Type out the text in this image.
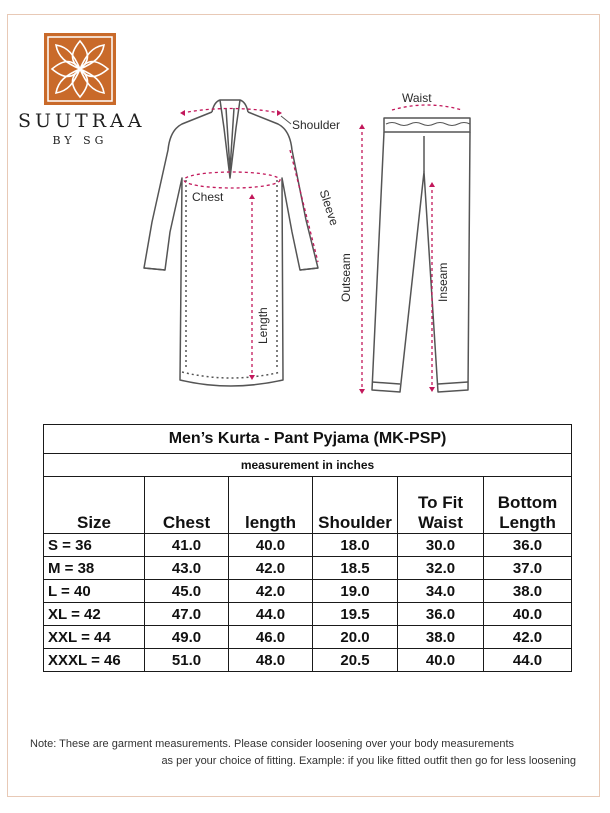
SUUTRAA
BY SG
Shoulder
Chest	Sleeve
Length
Waist
Outseam	Inseam
Men’s Kurta - Pant Pyjama (MK-PSP)					
measurement in inches					
Size	Chest	length	Shoulder	To Fit Waist	Bottom Length
S = 36	41.0	40.0	18.0	30.0	36.0
M = 38	43.0	42.0	18.5	32.0	37.0
L = 40	45.0	42.0	19.0	34.0	38.0
XL = 42	47.0	44.0	19.5	36.0	40.0
XXL = 44	49.0	46.0	20.0	38.0	42.0
XXXL = 46	51.0	48.0	20.5	40.0	44.0
Note: These are garment measurements. Please consider loosening over your body measurements
as per your choice of fitting. Example: if you like fitted outfit then go for less loosening
